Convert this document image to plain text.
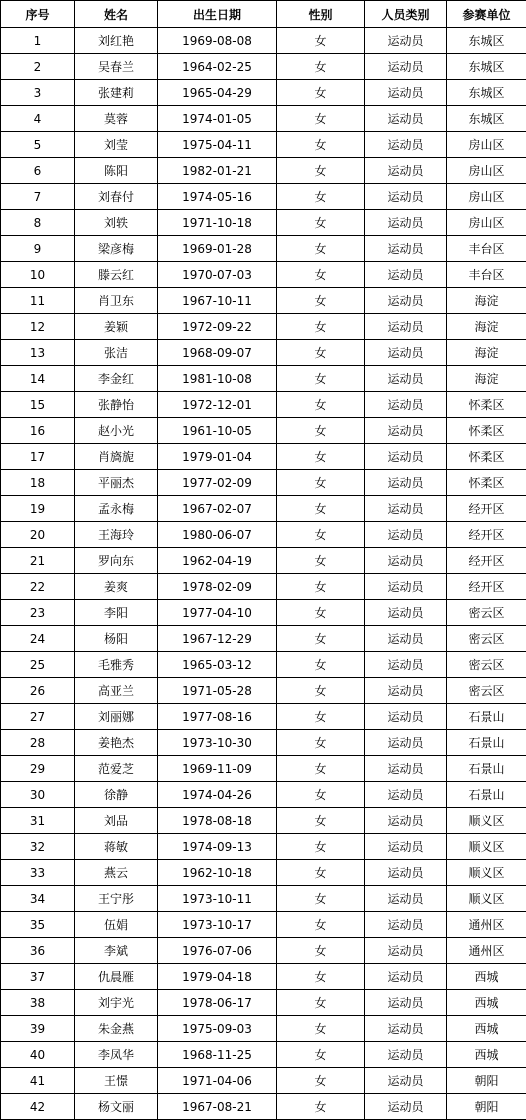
序号	姓名	出生日期	性别	人员类别	参赛单位
1	刘红艳	1969-08-08	女	运动员	东城区
2	吴春兰	1964-02-25	女	运动员	东城区
3	张建莉	1965-04-29	女	运动员	东城区
4	莫蓉	1974-01-05	女	运动员	东城区
5	刘莹	1975-04-11	女	运动员	房山区
6	陈阳	1982-01-21	女	运动员	房山区
7	刘春付	1974-05-16	女	运动员	房山区
8	刘轶	1971-10-18	女	运动员	房山区
9	梁彦梅	1969-01-28	女	运动员	丰台区
10	滕云红	1970-07-03	女	运动员	丰台区
11	肖卫东	1967-10-11	女	运动员	海淀
12	姜颖	1972-09-22	女	运动员	海淀
13	张洁	1968-09-07	女	运动员	海淀
14	李金红	1981-10-08	女	运动员	海淀
15	张静怡	1972-12-01	女	运动员	怀柔区
16	赵小光	1961-10-05	女	运动员	怀柔区
17	肖旖旎	1979-01-04	女	运动员	怀柔区
18	平丽杰	1977-02-09	女	运动员	怀柔区
19	孟永梅	1967-02-07	女	运动员	经开区
20	王海玲	1980-06-07	女	运动员	经开区
21	罗向东	1962-04-19	女	运动员	经开区
22	姜爽	1978-02-09	女	运动员	经开区
23	李阳	1977-04-10	女	运动员	密云区
24	杨阳	1967-12-29	女	运动员	密云区
25	毛雅秀	1965-03-12	女	运动员	密云区
26	高亚兰	1971-05-28	女	运动员	密云区
27	刘丽娜	1977-08-16	女	运动员	石景山
28	姜艳杰	1973-10-30	女	运动员	石景山
29	范爱芝	1969-11-09	女	运动员	石景山
30	徐静	1974-04-26	女	运动员	石景山
31	刘品	1978-08-18	女	运动员	顺义区
32	蒋敏	1974-09-13	女	运动员	顺义区
33	燕云	1962-10-18	女	运动员	顺义区
34	王宁彤	1973-10-11	女	运动员	顺义区
35	伍娟	1973-10-17	女	运动员	通州区
36	李斌	1976-07-06	女	运动员	通州区
37	仇晨雁	1979-04-18	女	运动员	西城
38	刘宇光	1978-06-17	女	运动员	西城
39	朱金燕	1975-09-03	女	运动员	西城
40	李凤华	1968-11-25	女	运动员	西城
41	王憬	1971-04-06	女	运动员	朝阳
42	杨文丽	1967-08-21	女	运动员	朝阳
